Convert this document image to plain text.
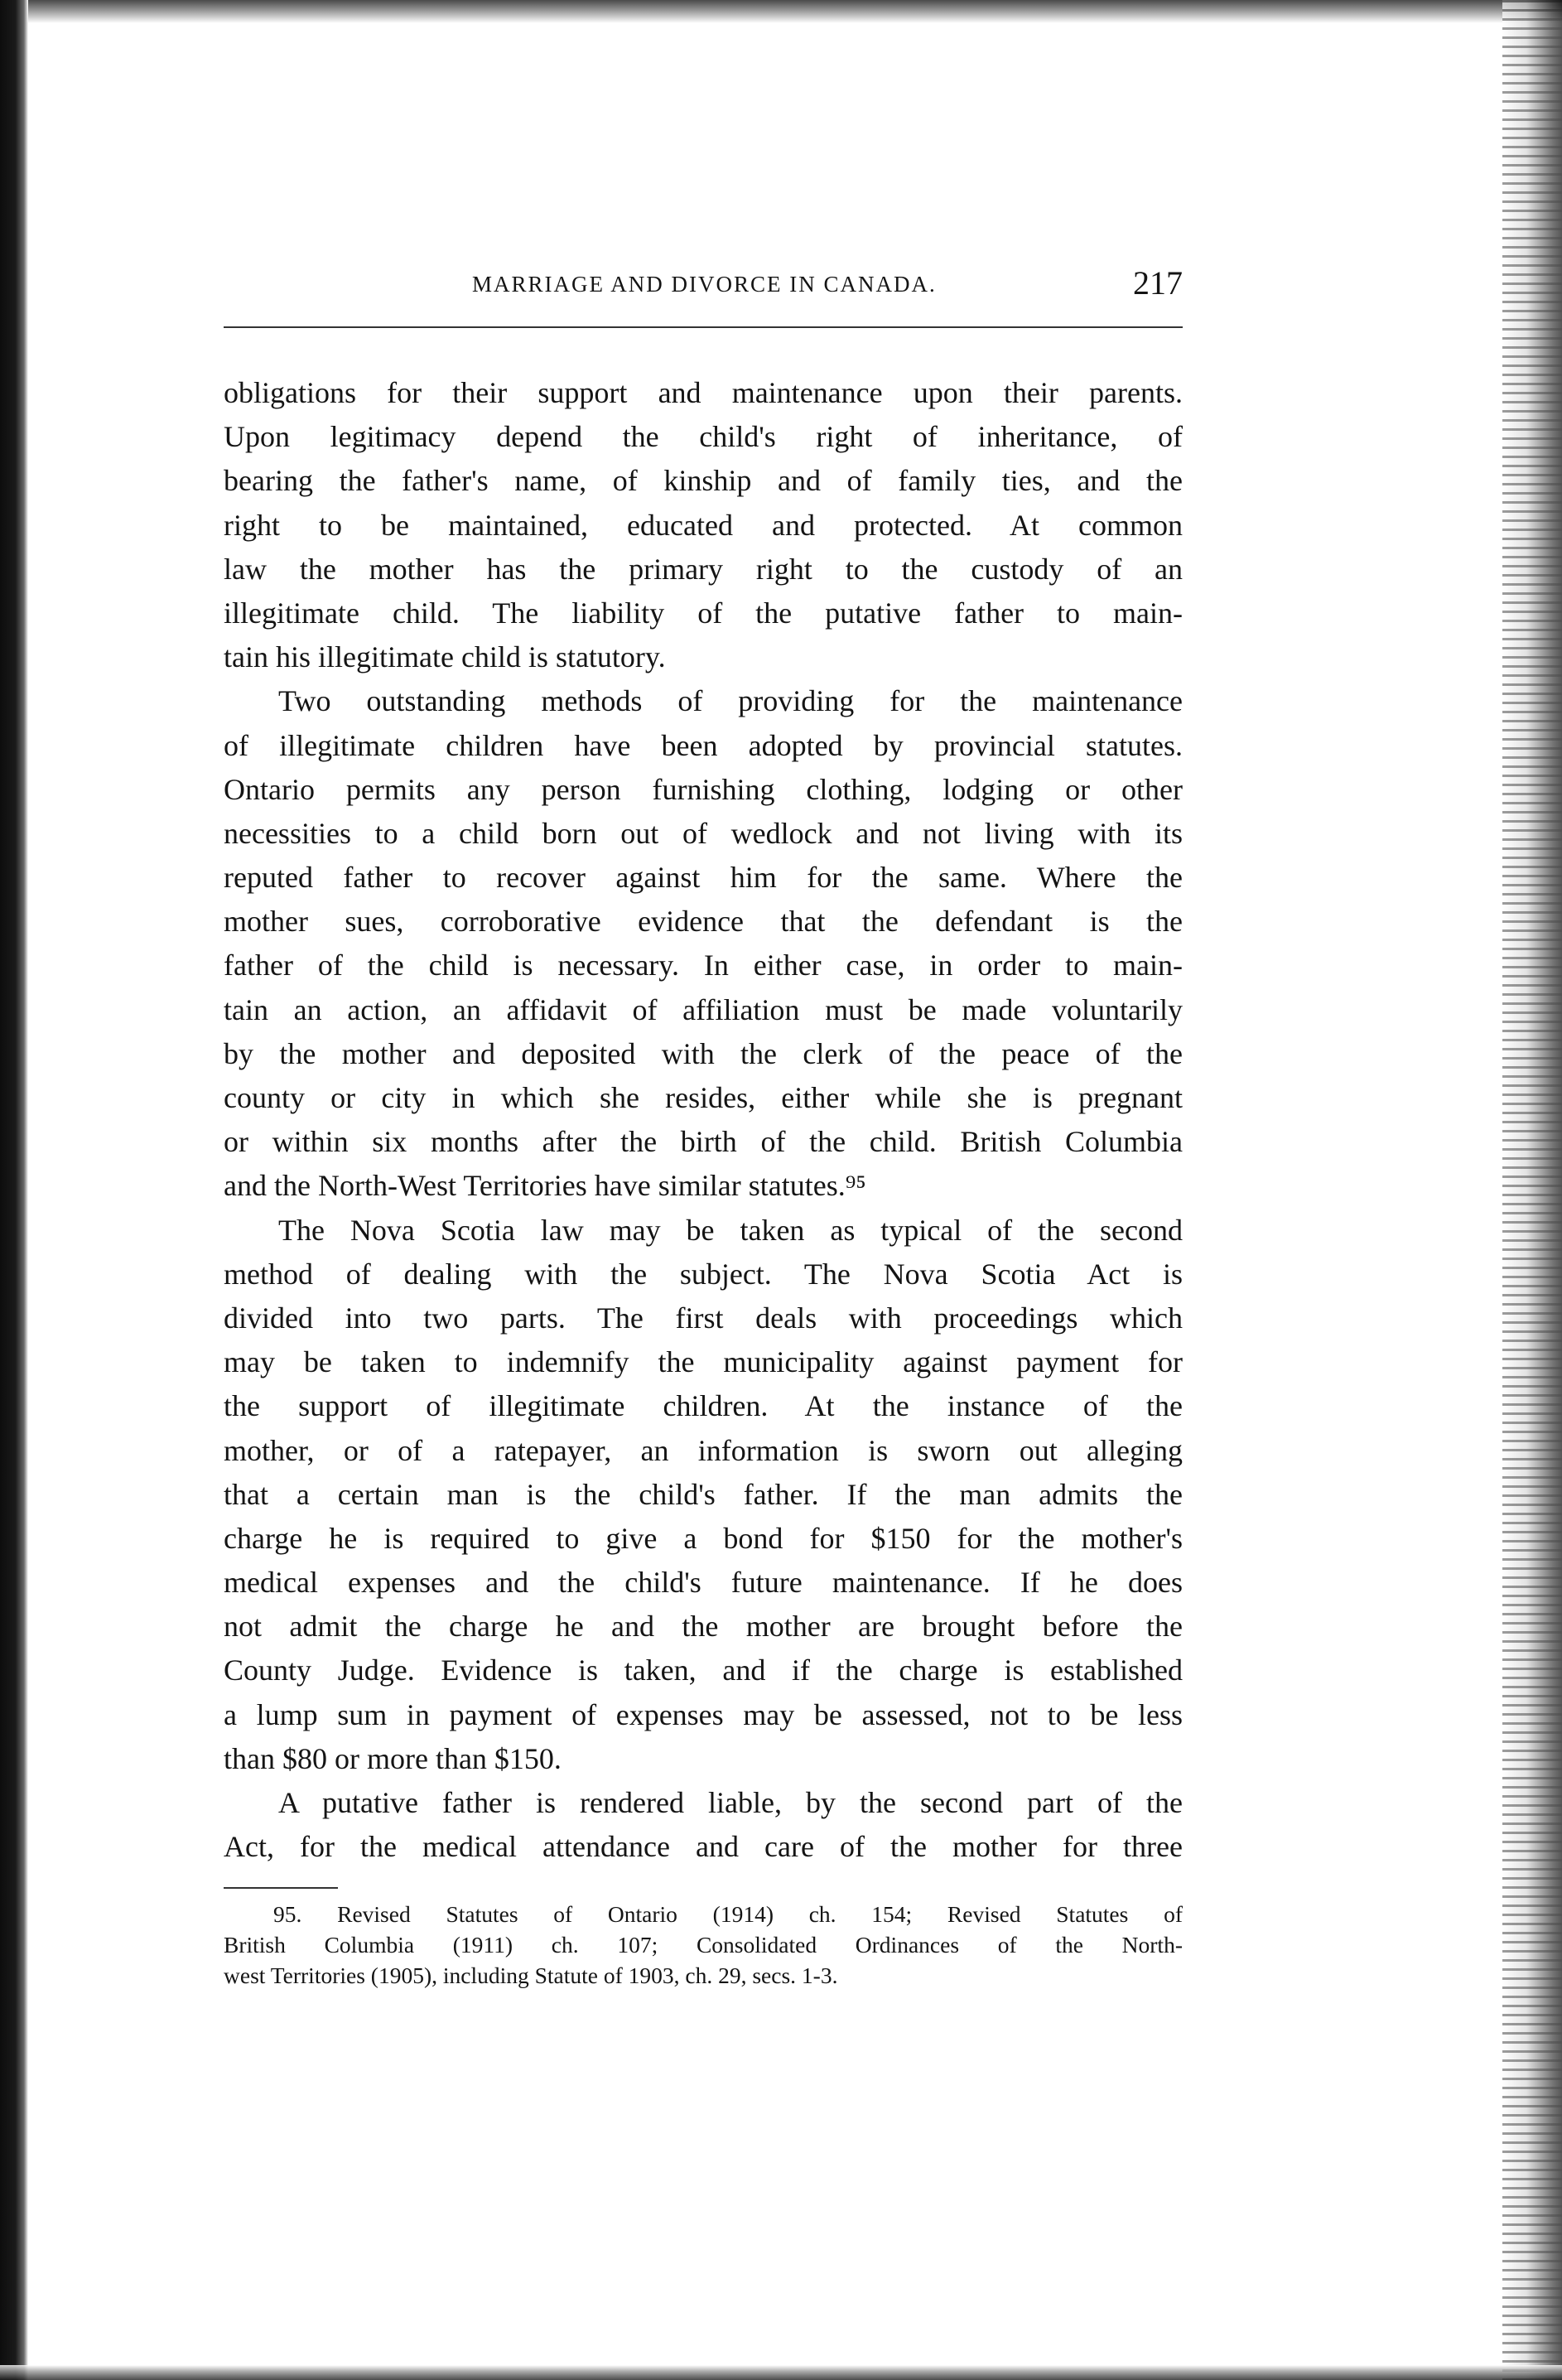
MARRIAGE AND DIVORCE IN CANADA.	217
obligations for their support and maintenance upon their parents.
Upon legitimacy depend the child's right of inheritance, of
bearing the father's name, of kinship and of family ties, and the
right to be maintained, educated and protected. At common
law the mother has the primary right to the custody of an
illegitimate child. The liability of the putative father to main-
tain his illegitimate child is statutory.
Two outstanding methods of providing for the maintenance
of illegitimate children have been adopted by provincial statutes.
Ontario permits any person furnishing clothing, lodging or other
necessities to a child born out of wedlock and not living with its
reputed father to recover against him for the same. Where the
mother sues, corroborative evidence that the defendant is the
father of the child is necessary. In either case, in order to main-
tain an action, an affidavit of affiliation must be made voluntarily
by the mother and deposited with the clerk of the peace of the
county or city in which she resides, either while she is pregnant
or within six months after the birth of the child. British Columbia
and the North-West Territories have similar statutes.⁹⁵
The Nova Scotia law may be taken as typical of the second
method of dealing with the subject. The Nova Scotia Act is
divided into two parts. The first deals with proceedings which
may be taken to indemnify the municipality against payment for
the support of illegitimate children. At the instance of the
mother, or of a ratepayer, an information is sworn out alleging
that a certain man is the child's father. If the man admits the
charge he is required to give a bond for $150 for the mother's
medical expenses and the child's future maintenance. If he does
not admit the charge he and the mother are brought before the
County Judge. Evidence is taken, and if the charge is established
a lump sum in payment of expenses may be assessed, not to be less
than $80 or more than $150.
A putative father is rendered liable, by the second part of the
Act, for the medical attendance and care of the mother for three
95. Revised Statutes of Ontario (1914) ch. 154; Revised Statutes of
British Columbia (1911) ch. 107; Consolidated Ordinances of the North-
west Territories (1905), including Statute of 1903, ch. 29, secs. 1-3.
